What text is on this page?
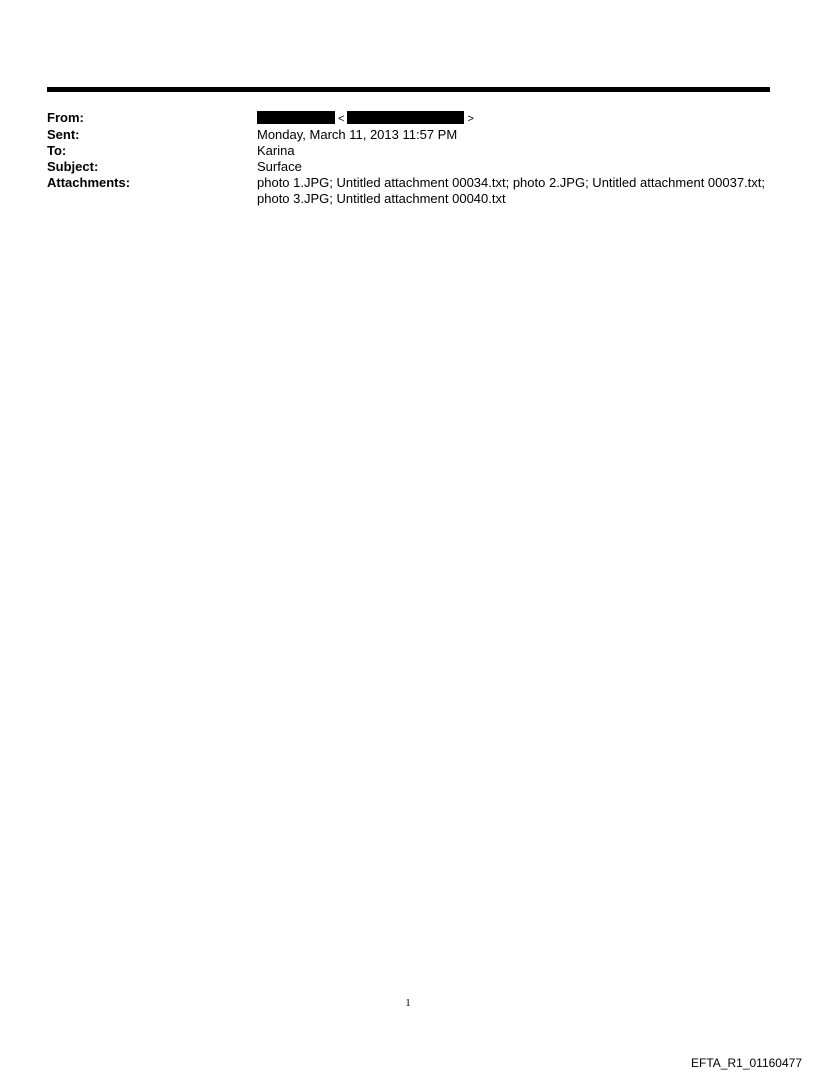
From:	<	>
Sent:	Monday, March 11, 2013 11:57 PM
To:	Karina
Subject:	Surface
Attachments:	photo 1.JPG; Untitled attachment 00034.txt; photo 2.JPG; Untitled attachment 00037.txt; photo 3.JPG; Untitled attachment 00040.txt
1
EFTA_R1_01160477
